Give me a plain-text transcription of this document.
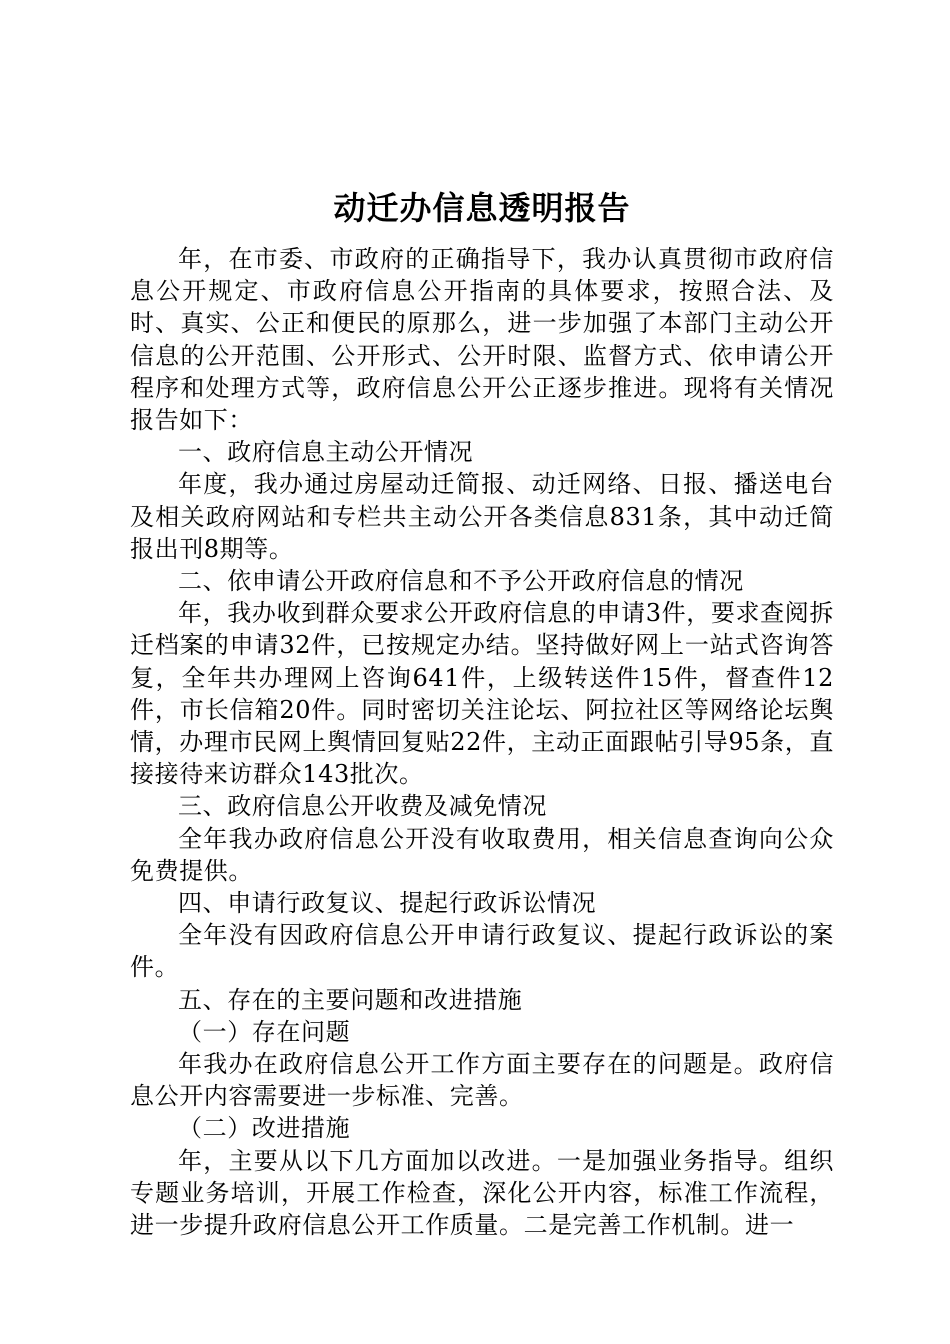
动迁办信息透明报告

年，在市委、市政府的正确指导下，我办认真贯彻市政府信息公开规定、市政府信息公开指南的具体要求，按照合法、及时、真实、公正和便民的原那么，进一步加强了本部门主动公开信息的公开范围、公开形式、公开时限、监督方式、依申请公开程序和处理方式等，政府信息公开公正逐步推进。现将有关情况报告如下：

一、政府信息主动公开情况

年度，我办通过房屋动迁简报、动迁网络、日报、播送电台及相关政府网站和专栏共主动公开各类信息831条，其中动迁简报出刊8期等。

二、依申请公开政府信息和不予公开政府信息的情况

年，我办收到群众要求公开政府信息的申请3件，要求查阅拆迁档案的申请32件，已按规定办结。坚持做好网上一站式咨询答复，全年共办理网上咨询641件，上级转送件15件，督查件12件，市长信箱20件。同时密切关注论坛、阿拉社区等网络论坛舆情，办理市民网上舆情回复贴22件，主动正面跟帖引导95条，直接接待来访群众143批次。

三、政府信息公开收费及减免情况

全年我办政府信息公开没有收取费用，相关信息查询向公众免费提供。

四、申请行政复议、提起行政诉讼情况

全年没有因政府信息公开申请行政复议、提起行政诉讼的案件。

五、存在的主要问题和改进措施

（一）存在问题

年我办在政府信息公开工作方面主要存在的问题是。政府信息公开内容需要进一步标准、完善。

（二）改进措施

年，主要从以下几方面加以改进。一是加强业务指导。组织专题业务培训，开展工作检查，深化公开内容，标准工作流程，进一步提升政府信息公开工作质量。二是完善工作机制。进一
